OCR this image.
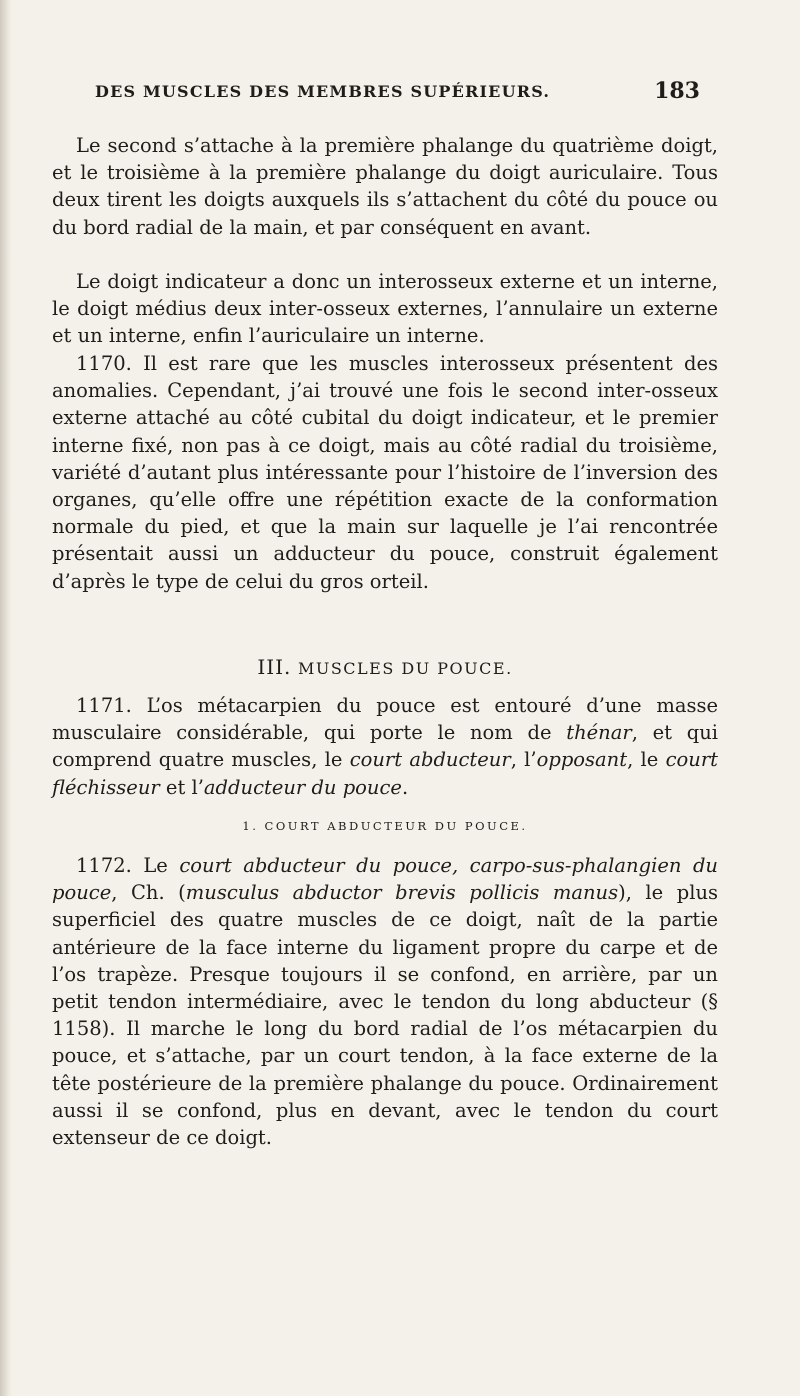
DES MUSCLES DES MEMBRES SUPÉRIEURS.	183

Le second s’attache à la première phalange du quatrième doigt, et le troisième à la première phalange du doigt auriculaire. Tous deux tirent les doigts auxquels ils s’attachent du côté du pouce ou du bord radial de la main, et par conséquent en avant.

Le doigt indicateur a donc un interosseux externe et un interne, le doigt médius deux inter-osseux externes, l’annulaire un externe et un interne, enfin l’auriculaire un interne.

1170. Il est rare que les muscles interosseux présentent des anomalies. Cependant, j’ai trouvé une fois le second inter-osseux externe attaché au côté cubital du doigt indicateur, et le premier interne fixé, non pas à ce doigt, mais au côté radial du troisième, variété d’autant plus intéressante pour l’histoire de l’inversion des organes, qu’elle offre une répétition exacte de la conformation normale du pied, et que la main sur laquelle je l’ai rencontrée présentait aussi un adducteur du pouce, construit également d’après le type de celui du gros orteil.

III. MUSCLES DU POUCE.

1171. L’os métacarpien du pouce est entouré d’une masse musculaire considérable, qui porte le nom de thénar, et qui comprend quatre muscles, le court abducteur, l’opposant, le court fléchisseur et l’adducteur du pouce.

1. COURT ABDUCTEUR DU POUCE.

1172. Le court abducteur du pouce, carpo-sus-phalangien du pouce, Ch. (musculus abductor brevis pollicis manus), le plus superficiel des quatre muscles de ce doigt, naît de la partie antérieure de la face interne du ligament propre du carpe et de l’os trapèze. Presque toujours il se confond, en arrière, par un petit tendon intermédiaire, avec le tendon du long abducteur (§ 1158). Il marche le long du bord radial de l’os métacarpien du pouce, et s’attache, par un court tendon, à la face externe de la tête postérieure de la première phalange du pouce. Ordinairement aussi il se confond, plus en devant, avec le tendon du court extenseur de ce doigt.
